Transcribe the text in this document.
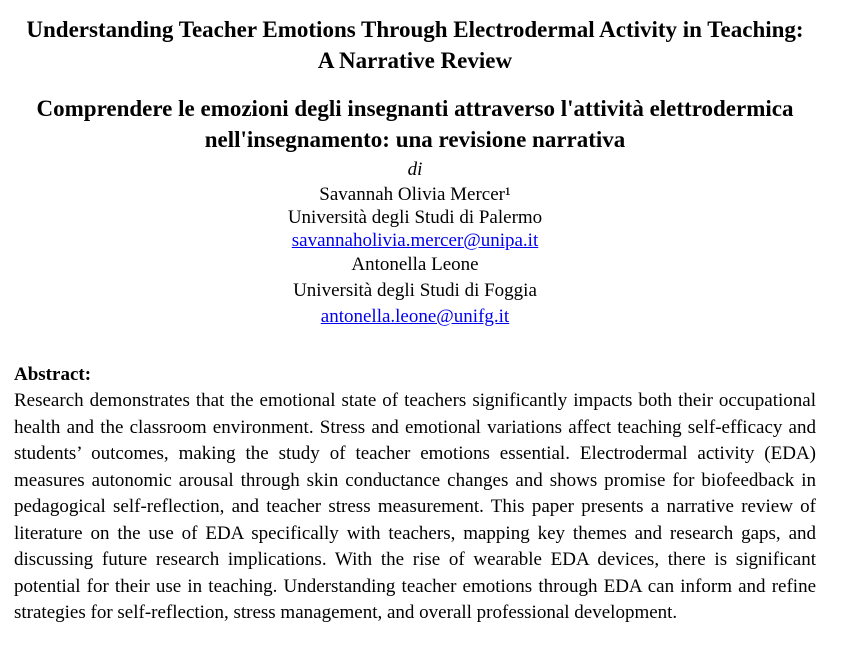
Understanding Teacher Emotions Through Electrodermal Activity in Teaching:
A Narrative Review
Comprendere le emozioni degli insegnanti attraverso l'attività elettrodermica
nell'insegnamento: una revisione narrativa
di
Savannah Olivia Mercer¹
Università degli Studi di Palermo
savannaholivia.mercer@unipa.it
Antonella Leone
Università degli Studi di Foggia
antonella.leone@unifg.it

Abstract:

Research demonstrates that the emotional state of teachers significantly impacts both their occupational health and the classroom environment. Stress and emotional variations affect teaching self-efficacy and students’ outcomes, making the study of teacher emotions essential. Electrodermal activity (EDA) measures autonomic arousal through skin conductance changes and shows promise for biofeedback in pedagogical self-reflection, and teacher stress measurement. This paper presents a narrative review of literature on the use of EDA specifically with teachers, mapping key themes and research gaps, and discussing future research implications. With the rise of wearable EDA devices, there is significant potential for their use in teaching. Understanding teacher emotions through EDA can inform and refine strategies for self-reflection, stress management, and overall professional development.
